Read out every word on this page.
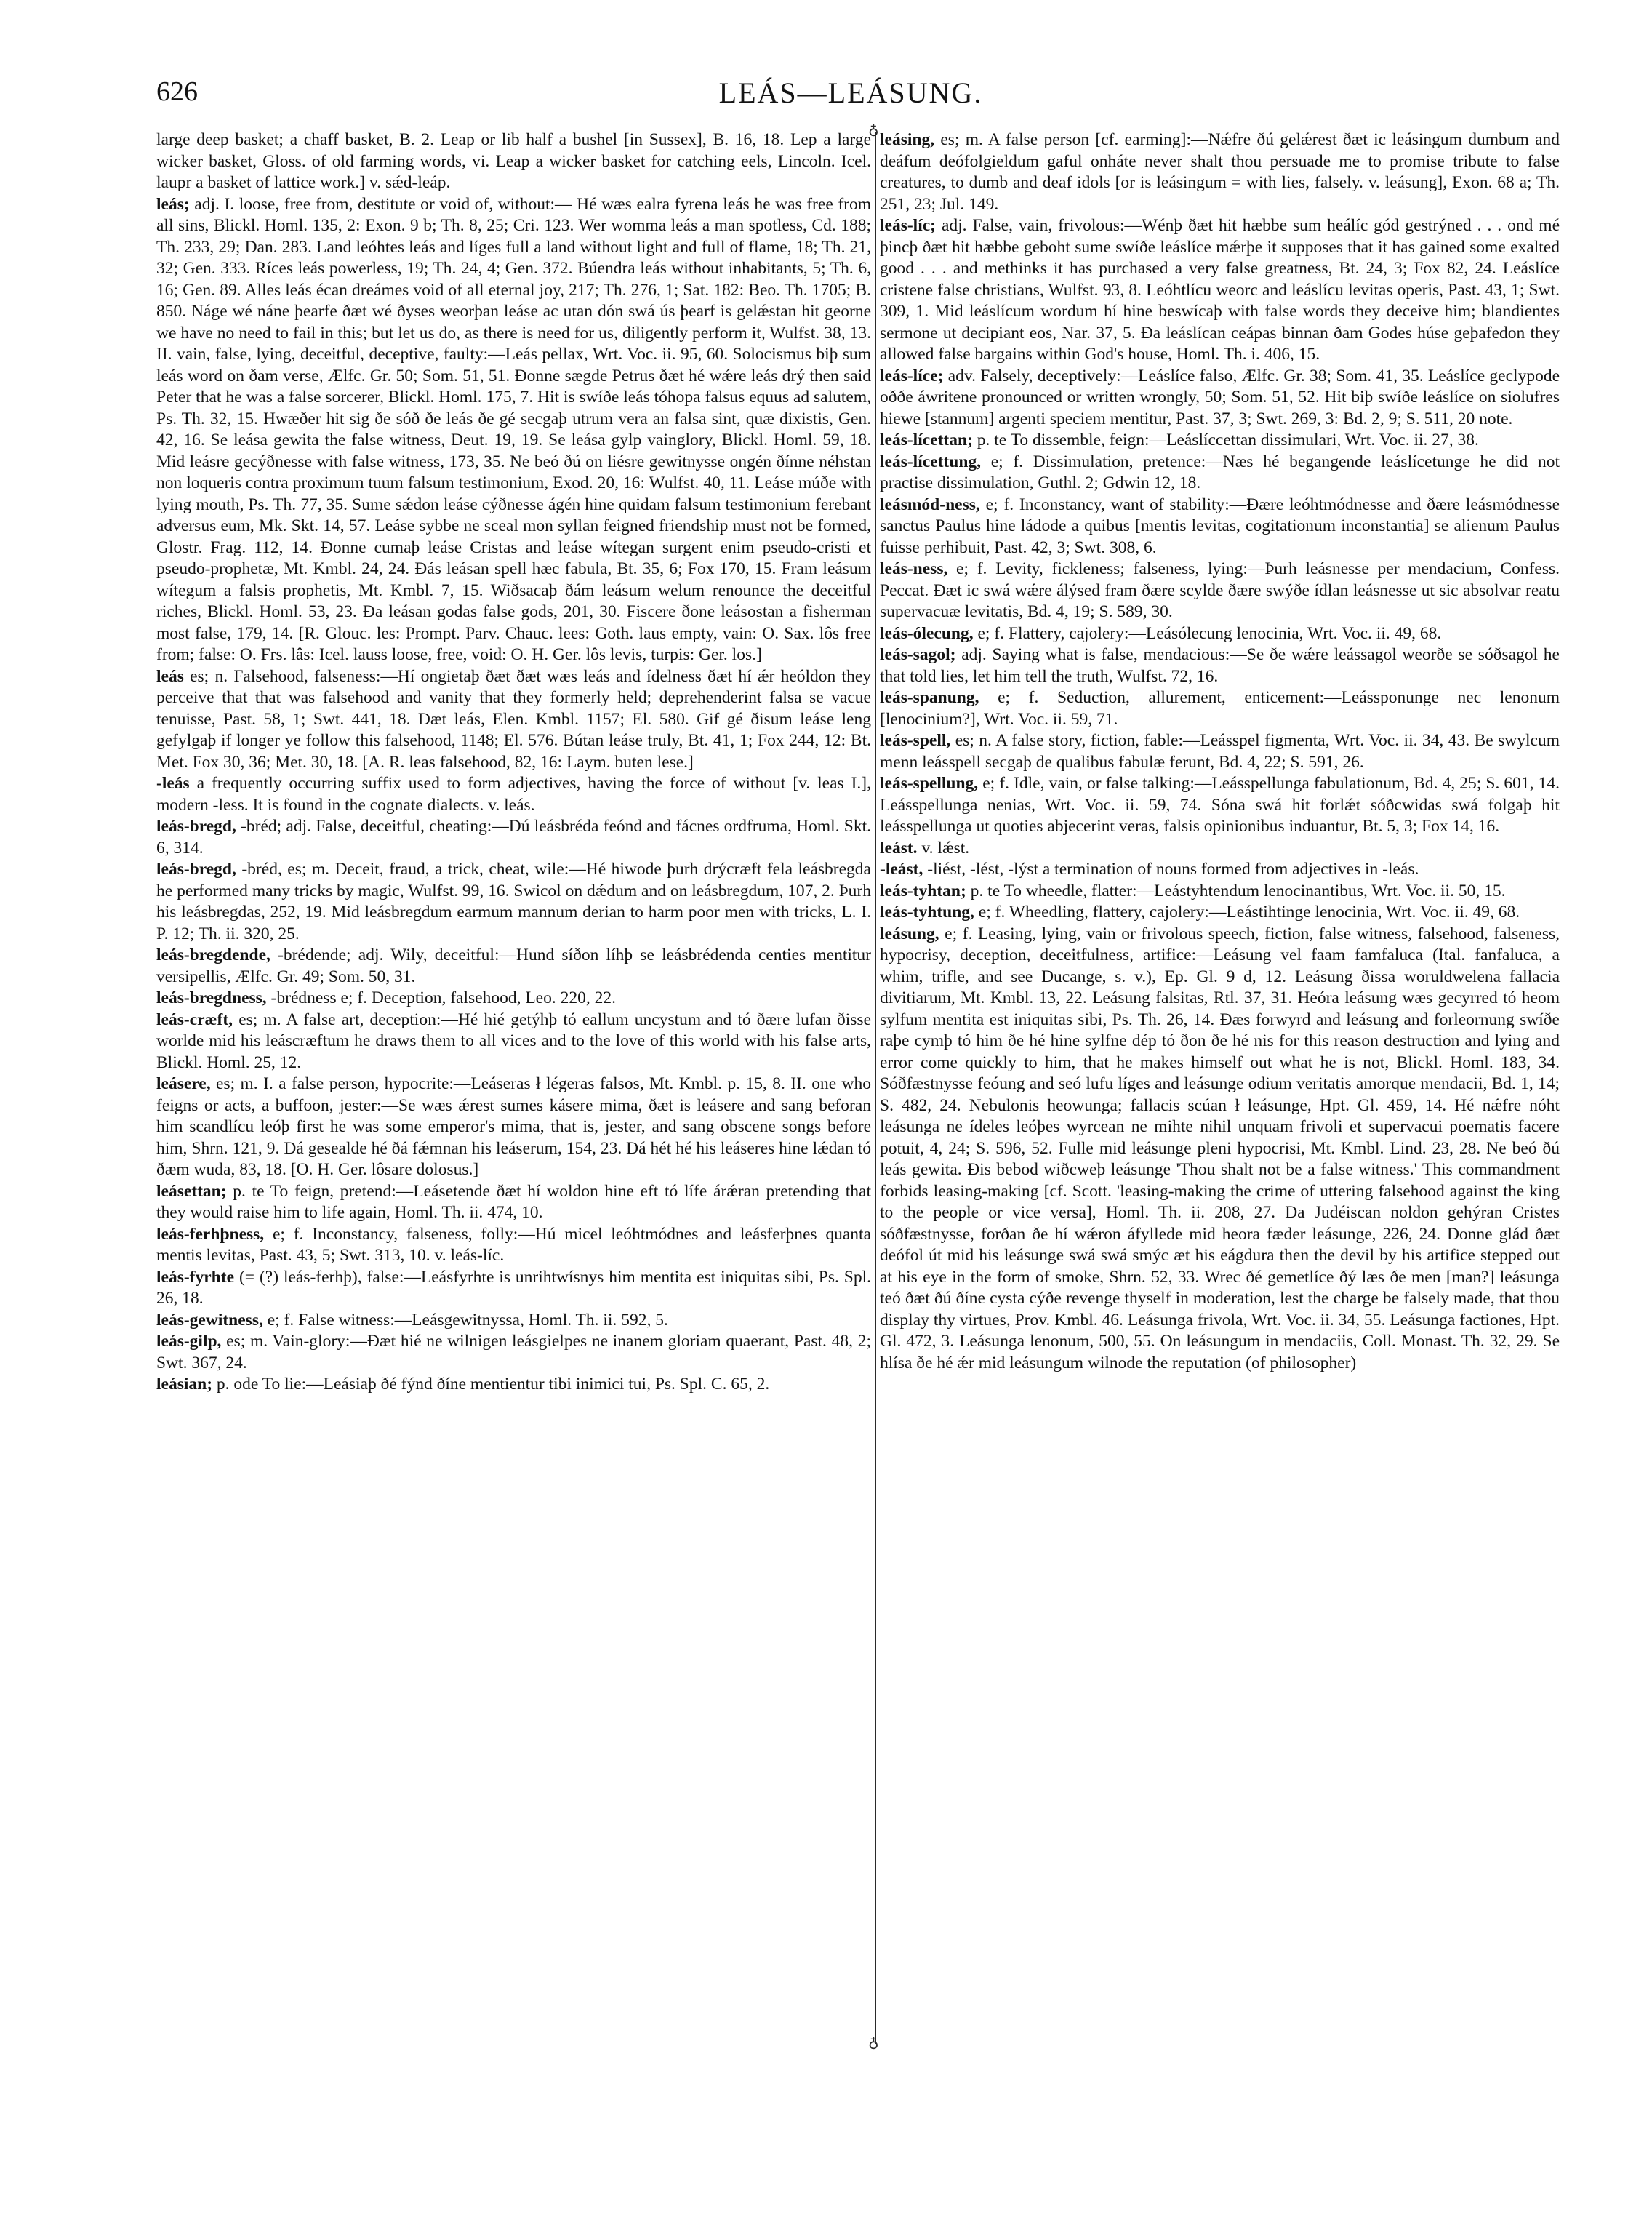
626	LEÁS—LEÁSUNG.

large deep basket; a chaff basket, B. 2. Leap or lib half a bushel [in Sussex], B. 16, 18. Lep a large wicker basket, Gloss. of old farming words, vi. Leap a wicker basket for catching eels, Lincoln. Icel. laupr a basket of lattice work.] v. sǽd-leáp.

leás; adj. I. loose, free from, destitute or void of, without:— Hé wæs ealra fyrena leás he was free from all sins, Blickl. Homl. 135, 2: Exon. 9 b; Th. 8, 25; Cri. 123. Wer womma leás a man spotless, Cd. 188; Th. 233, 29; Dan. 283. Land leóhtes leás and líges full a land without light and full of flame, 18; Th. 21, 32; Gen. 333. Ríces leás powerless, 19; Th. 24, 4; Gen. 372. Búendra leás without inhabitants, 5; Th. 6, 16; Gen. 89. Alles leás écan dreámes void of all eternal joy, 217; Th. 276, 1; Sat. 182: Beo. Th. 1705; B. 850. Náge wé náne þearfe ðæt wé ðyses weorþan leáse ac utan dón swá ús þearf is gelǽstan hit georne we have no need to fail in this; but let us do, as there is need for us, diligently perform it, Wulfst. 38, 13. II. vain, false, lying, deceitful, deceptive, faulty:—Leás pellax, Wrt. Voc. ii. 95, 60. Solocismus biþ sum leás word on ðam verse, Ælfc. Gr. 50; Som. 51, 51. Ðonne sægde Petrus ðæt hé wǽre leás drý then said Peter that he was a false sorcerer, Blickl. Homl. 175, 7. Hit is swíðe leás tóhopa falsus equus ad salutem, Ps. Th. 32, 15. Hwæðer hit sig ðe sóð ðe leás ðe gé secgaþ utrum vera an falsa sint, quæ dixistis, Gen. 42, 16. Se leása gewita the false witness, Deut. 19, 19. Se leása gylp vainglory, Blickl. Homl. 59, 18. Mid leásre gecýðnesse with false witness, 173, 35. Ne beó ðú on liésre gewitnysse ongén ðínne néhstan non loqueris contra proximum tuum falsum testimonium, Exod. 20, 16: Wulfst. 40, 11. Leáse múðe with lying mouth, Ps. Th. 77, 35. Sume sǽdon leáse cýðnesse ágén hine quidam falsum testimonium ferebant adversus eum, Mk. Skt. 14, 57. Leáse sybbe ne sceal mon syllan feigned friendship must not be formed, Glostr. Frag. 112, 14. Ðonne cumaþ leáse Cristas and leáse wítegan surgent enim pseudo-cristi et pseudo-prophetæ, Mt. Kmbl. 24, 24. Ðás leásan spell hæc fabula, Bt. 35, 6; Fox 170, 15. Fram leásum wítegum a falsis prophetis, Mt. Kmbl. 7, 15. Wiðsacaþ ðám leásum welum renounce the deceitful riches, Blickl. Homl. 53, 23. Ða leásan godas false gods, 201, 30. Fiscere ðone leásostan a fisherman most false, 179, 14. [R. Glouc. les: Prompt. Parv. Chauc. lees: Goth. laus empty, vain: O. Sax. lôs free from; false: O. Frs. lâs: Icel. lauss loose, free, void: O. H. Ger. lôs levis, turpis: Ger. los.]

leás es; n. Falsehood, falseness:—Hí ongietaþ ðæt ðæt wæs leás and ídelness ðæt hí ǽr heóldon they perceive that that was falsehood and vanity that they formerly held; deprehenderint falsa se vacue tenuisse, Past. 58, 1; Swt. 441, 18. Ðæt leás, Elen. Kmbl. 1157; El. 580. Gif gé ðisum leáse leng gefylgaþ if longer ye follow this falsehood, 1148; El. 576. Bútan leáse truly, Bt. 41, 1; Fox 244, 12: Bt. Met. Fox 30, 36; Met. 30, 18. [A. R. leas falsehood, 82, 16: Laym. buten lese.]

-leás a frequently occurring suffix used to form adjectives, having the force of without [v. leas I.], modern -less. It is found in the cognate dialects. v. leás.

leás-bregd, -bréd; adj. False, deceitful, cheating:—Ðú leásbréda feónd and fácnes ordfruma, Homl. Skt. 6, 314.

leás-bregd, -bréd, es; m. Deceit, fraud, a trick, cheat, wile:—Hé hiwode þurh drýcræft fela leásbregda he performed many tricks by magic, Wulfst. 99, 16. Swicol on dǽdum and on leásbregdum, 107, 2. Þurh his leásbregdas, 252, 19. Mid leásbregdum earmum mannum derian to harm poor men with tricks, L. I. P. 12; Th. ii. 320, 25.

leás-bregdende, -brédende; adj. Wily, deceitful:—Hund síðon líhþ se leásbrédenda centies mentitur versipellis, Ælfc. Gr. 49; Som. 50, 31.

leás-bregdness, -brédness e; f. Deception, falsehood, Leo. 220, 22.

leás-cræft, es; m. A false art, deception:—Hé hié getýhþ tó eallum uncystum and tó ðære lufan ðisse worlde mid his leáscræftum he draws them to all vices and to the love of this world with his false arts, Blickl. Homl. 25, 12.

leásere, es; m. I. a false person, hypocrite:—Leáseras ł légeras falsos, Mt. Kmbl. p. 15, 8. II. one who feigns or acts, a buffoon, jester:—Se wæs ǽrest sumes kásere mima, ðæt is leásere and sang beforan him scandlícu leóþ first he was some emperor's mima, that is, jester, and sang obscene songs before him, Shrn. 121, 9. Ðá gesealde hé ðá fǽmnan his leáserum, 154, 23. Ðá hét hé his leáseres hine lǽdan tó ðæm wuda, 83, 18. [O. H. Ger. lôsare dolosus.]

leásettan; p. te To feign, pretend:—Leásetende ðæt hí woldon hine eft tó lífe árǽran pretending that they would raise him to life again, Homl. Th. ii. 474, 10.

leás-ferhþness, e; f. Inconstancy, falseness, folly:—Hú micel leóhtmódnes and leásferþnes quanta mentis levitas, Past. 43, 5; Swt. 313, 10. v. leás-líc.

leás-fyrhte (= (?) leás-ferhþ), false:—Leásfyrhte is unrihtwísnys him mentita est iniquitas sibi, Ps. Spl. 26, 18.

leás-gewitness, e; f. False witness:—Leásgewitnyssa, Homl. Th. ii. 592, 5.

leás-gilp, es; m. Vain-glory:—Ðæt hié ne wilnigen leásgielpes ne inanem gloriam quaerant, Past. 48, 2; Swt. 367, 24.

leásian; p. ode To lie:—Leásiaþ ðé fýnd ðíne mentientur tibi inimici tui, Ps. Spl. C. 65, 2.

♁
♁

leásing, es; m. A false person [cf. earming]:—Nǽfre ðú gelǽrest ðæt ic leásingum dumbum and deáfum deófolgieldum gaful onháte never shalt thou persuade me to promise tribute to false creatures, to dumb and deaf idols [or is leásingum = with lies, falsely. v. leásung], Exon. 68 a; Th. 251, 23; Jul. 149.

leás-líc; adj. False, vain, frivolous:—Wénþ ðæt hit hæbbe sum heálíc gód gestrýned . . . ond mé þincþ ðæt hit hæbbe geboht sume swíðe leáslíce mǽrþe it supposes that it has gained some exalted good . . . and methinks it has purchased a very false greatness, Bt. 24, 3; Fox 82, 24. Leáslíce cristene false christians, Wulfst. 93, 8. Leóhtlícu weorc and leáslícu levitas operis, Past. 43, 1; Swt. 309, 1. Mid leáslícum wordum hí hine beswícaþ with false words they deceive him; blandientes sermone ut decipiant eos, Nar. 37, 5. Ða leáslícan ceápas binnan ðam Godes húse geþafedon they allowed false bargains within God's house, Homl. Th. i. 406, 15.

leás-líce; adv. Falsely, deceptively:—Leáslíce falso, Ælfc. Gr. 38; Som. 41, 35. Leáslíce geclypode oððe áwritene pronounced or written wrongly, 50; Som. 51, 52. Hit biþ swíðe leáslíce on siolufres hiewe [stannum] argenti speciem mentitur, Past. 37, 3; Swt. 269, 3: Bd. 2, 9; S. 511, 20 note.

leás-lícettan; p. te To dissemble, feign:—Leáslíccettan dissimulari, Wrt. Voc. ii. 27, 38.

leás-lícettung, e; f. Dissimulation, pretence:—Næs hé begangende leáslícetunge he did not practise dissimulation, Guthl. 2; Gdwin 12, 18.

leásmód-ness, e; f. Inconstancy, want of stability:—Ðære leóhtmódnesse and ðære leásmódnesse sanctus Paulus hine ládode a quibus [mentis levitas, cogitationum inconstantia] se alienum Paulus fuisse perhibuit, Past. 42, 3; Swt. 308, 6.

leás-ness, e; f. Levity, fickleness; falseness, lying:—Þurh leásnesse per mendacium, Confess. Peccat. Ðæt ic swá wǽre álýsed fram ðære scylde ðære swýðe ídlan leásnesse ut sic absolvar reatu supervacuæ levitatis, Bd. 4, 19; S. 589, 30.

leás-ólecung, e; f. Flattery, cajolery:—Leásólecung lenocinia, Wrt. Voc. ii. 49, 68.

leás-sagol; adj. Saying what is false, mendacious:—Se ðe wǽre leássagol weorðe se sóðsagol he that told lies, let him tell the truth, Wulfst. 72, 16.

leás-spanung, e; f. Seduction, allurement, enticement:—Leássponunge nec lenonum [lenocinium?], Wrt. Voc. ii. 59, 71.

leás-spell, es; n. A false story, fiction, fable:—Leásspel figmenta, Wrt. Voc. ii. 34, 43. Be swylcum menn leásspell secgaþ de qualibus fabulæ ferunt, Bd. 4, 22; S. 591, 26.

leás-spellung, e; f. Idle, vain, or false talking:—Leásspellunga fabulationum, Bd. 4, 25; S. 601, 14. Leásspellunga nenias, Wrt. Voc. ii. 59, 74. Sóna swá hit forlǽt sóðcwidas swá folgaþ hit leásspellunga ut quoties abjecerint veras, falsis opinionibus induantur, Bt. 5, 3; Fox 14, 16.

leást. v. lǽst.

-leást, -liést, -lést, -lýst a termination of nouns formed from adjectives in -leás.

leás-tyhtan; p. te To wheedle, flatter:—Leástyhtendum lenocinantibus, Wrt. Voc. ii. 50, 15.

leás-tyhtung, e; f. Wheedling, flattery, cajolery:—Leástihtinge lenocinia, Wrt. Voc. ii. 49, 68.

leásung, e; f. Leasing, lying, vain or frivolous speech, fiction, false witness, falsehood, falseness, hypocrisy, deception, deceitfulness, artifice:—Leásung vel faam famfaluca (Ital. fanfaluca, a whim, trifle, and see Ducange, s. v.), Ep. Gl. 9 d, 12. Leásung ðissa woruldwelena fallacia divitiarum, Mt. Kmbl. 13, 22. Leásung falsitas, Rtl. 37, 31. Heóra leásung wæs gecyrred tó heom sylfum mentita est iniquitas sibi, Ps. Th. 26, 14. Ðæs forwyrd and leásung and forleornung swíðe raþe cymþ tó him ðe hé hine sylfne dép tó ðon ðe hé nis for this reason destruction and lying and error come quickly to him, that he makes himself out what he is not, Blickl. Homl. 183, 34. Sóðfæstnysse feóung and seó lufu líges and leásunge odium veritatis amorque mendacii, Bd. 1, 14; S. 482, 24. Nebulonis heowunga; fallacis scúan ł leásunge, Hpt. Gl. 459, 14. Hé nǽfre nóht leásunga ne ídeles leóþes wyrcean ne mihte nihil unquam frivoli et supervacui poematis facere potuit, 4, 24; S. 596, 52. Fulle mid leásunge pleni hypocrisi, Mt. Kmbl. Lind. 23, 28. Ne beó ðú leás gewita. Ðis bebod wiðcweþ leásunge 'Thou shalt not be a false witness.' This commandment forbids leasing-making [cf. Scott. 'leasing-making the crime of uttering falsehood against the king to the people or vice versa], Homl. Th. ii. 208, 27. Ða Judéiscan noldon gehýran Cristes sóðfæstnysse, forðan ðe hí wǽron áfyllede mid heora fæder leásunge, 226, 24. Ðonne glád ðæt deófol út mid his leásunge swá swá smýc æt his eágdura then the devil by his artifice stepped out at his eye in the form of smoke, Shrn. 52, 33. Wrec ðé gemetlíce ðý læs ðe men [man?] leásunga teó ðæt ðú ðíne cysta cýðe revenge thyself in moderation, lest the charge be falsely made, that thou display thy virtues, Prov. Kmbl. 46. Leásunga frivola, Wrt. Voc. ii. 34, 55. Leásunga factiones, Hpt. Gl. 472, 3. Leásunga lenonum, 500, 55. On leásungum in mendaciis, Coll. Monast. Th. 32, 29. Se hlísa ðe hé ǽr mid leásungum wilnode the reputation (of philosopher)
